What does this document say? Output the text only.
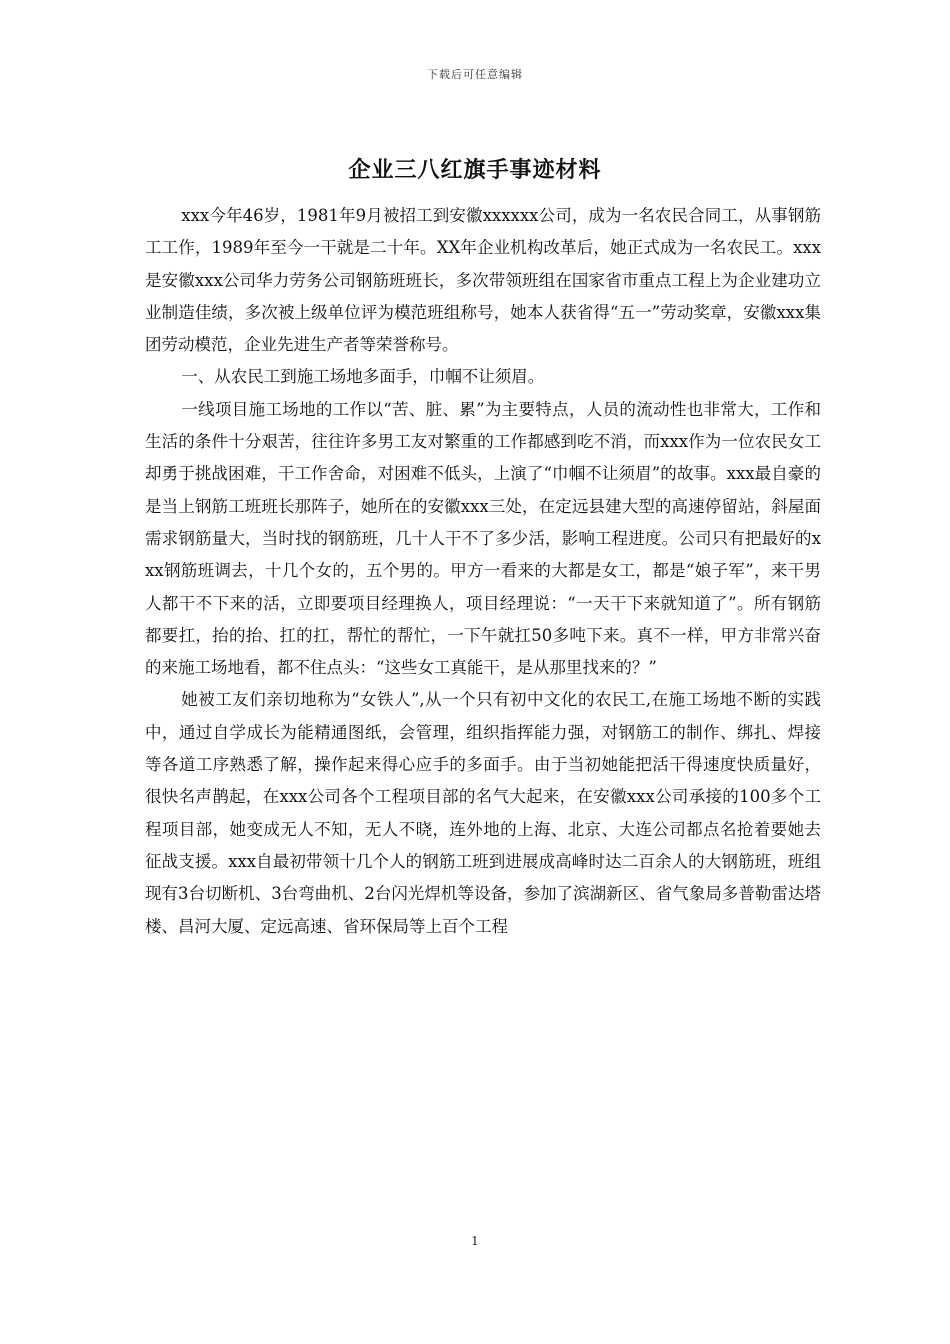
下载后可任意编辑
企业三八红旗手事迹材料

xxx今年46岁，1981年9月被招工到安徽xxxxxx公司，成为一名农民合同工，从事钢筋工工作，1989年至今一干就是二十年。XX年企业机构改革后，她正式成为一名农民工。xxx是安徽xxx公司华力劳务公司钢筋班班长，多次带领班组在国家省市重点工程上为企业建功立业制造佳绩，多次被上级单位评为模范班组称号，她本人获省得“五一”劳动奖章，安徽xxx集团劳动模范，企业先进生产者等荣誉称号。

一、从农民工到施工场地多面手，巾帼不让须眉。

一线项目施工场地的工作以“苦、脏、累”为主要特点，人员的流动性也非常大，工作和生活的条件十分艰苦，往往许多男工友对繁重的工作都感到吃不消，而xxx作为一位农民女工却勇于挑战困难，干工作舍命，对困难不低头，上演了“巾帼不让须眉”的故事。xxx最自豪的是当上钢筋工班班长那阵子，她所在的安徽xxx三处，在定远县建大型的高速停留站，斜屋面需求钢筋量大，当时找的钢筋班，几十人干不了多少活，影响工程进度。公司只有把最好的xxx钢筋班调去，十几个女的，五个男的。甲方一看来的大都是女工，都是“娘子军”，来干男人都干不下来的活，立即要项目经理换人，项目经理说：“一天干下来就知道了”。所有钢筋都要扛，抬的抬、扛的扛，帮忙的帮忙，一下午就扛50多吨下来。真不一样，甲方非常兴奋的来施工场地看，都不住点头：“这些女工真能干，是从那里找来的？”

她被工友们亲切地称为“女铁人”,从一个只有初中文化的农民工,在施工场地不断的实践中，通过自学成长为能精通图纸，会管理，组织指挥能力强，对钢筋工的制作、绑扎、焊接等各道工序熟悉了解，操作起来得心应手的多面手。由于当初她能把活干得速度快质量好，很快名声鹊起，在xxx公司各个工程项目部的名气大起来，在安徽xxx公司承接的100多个工程项目部，她变成无人不知，无人不晓，连外地的上海、北京、大连公司都点名抢着要她去征战支援。xxx自最初带领十几个人的钢筋工班到进展成高峰时达二百余人的大钢筋班，班组现有3台切断机、3台弯曲机、2台闪光焊机等设备，参加了滨湖新区、省气象局多普勒雷达塔楼、昌河大厦、定远高速、省环保局等上百个工程

1
